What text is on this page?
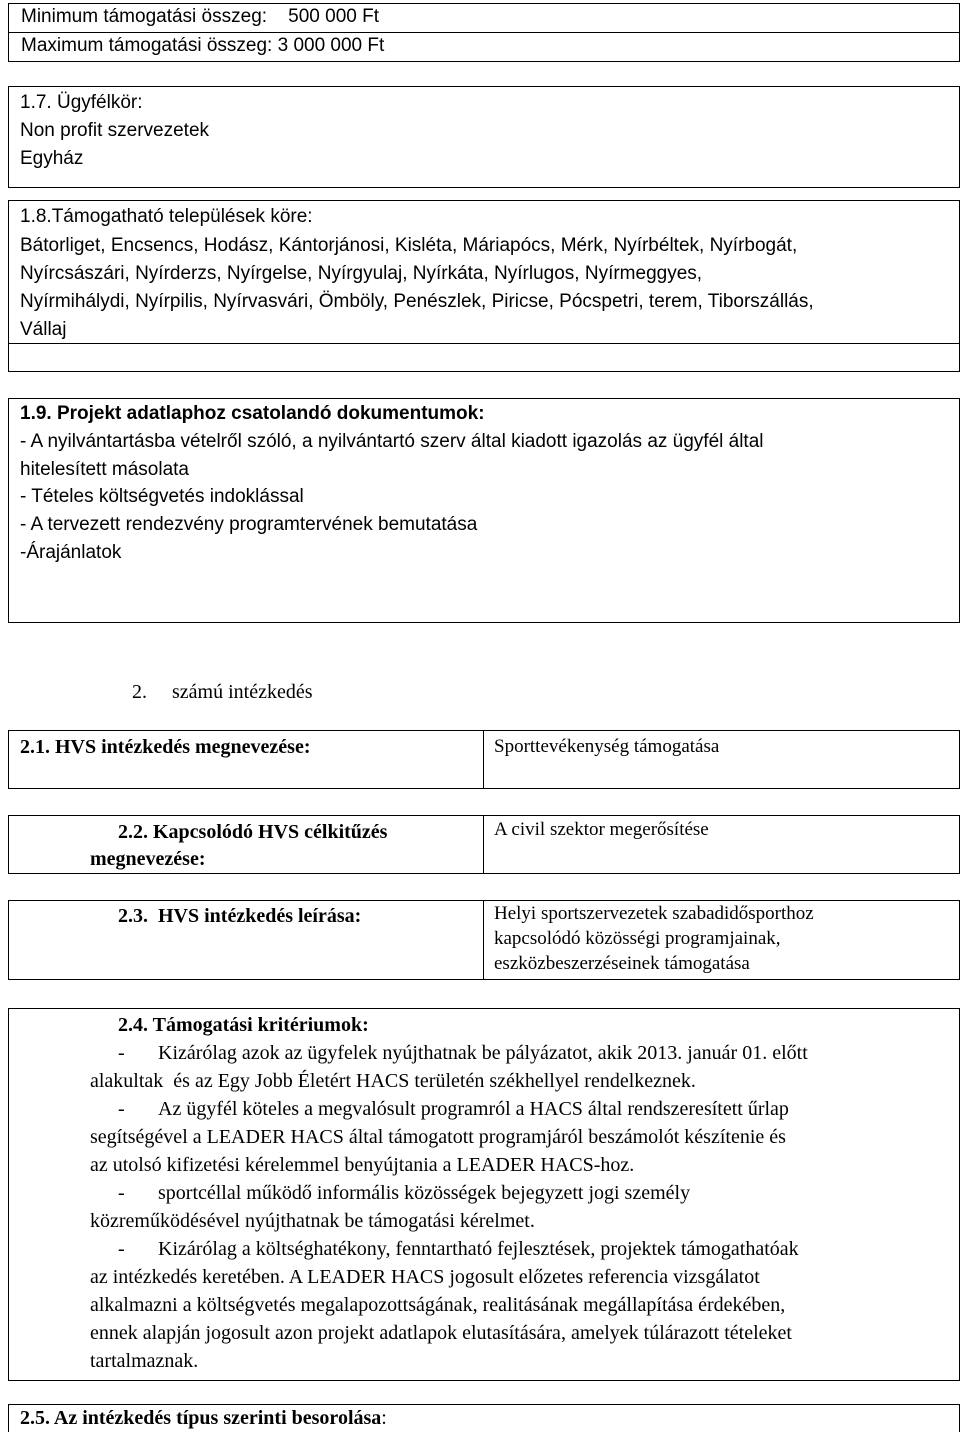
Minimum támogatási összeg:    500 000 Ft
Maximum támogatási összeg: 3 000 000 Ft
1.7. Ügyfélkör:
Non profit szervezetek
Egyház
1.8.Támogatható települések köre:
Bátorliget, Encsencs, Hodász, Kántorjánosi, Kisléta, Máriapócs, Mérk, Nyírbéltek, Nyírbogát,
Nyírcsászári, Nyírderzs, Nyírgelse, Nyírgyulaj, Nyírkáta, Nyírlugos, Nyírmeggyes,
Nyírmihálydi, Nyírpilis, Nyírvasvári, Ömböly, Penészlek, Piricse, Pócspetri, terem, Tiborszállás,
Vállaj
1.9. Projekt adatlaphoz csatolandó dokumentumok:
- A nyilvántartásba vételről szóló, a nyilvántartó szerv által kiadott igazolás az ügyfél által
hitelesített másolata
- Tételes költségvetés indoklással
- A tervezett rendezvény programtervének bemutatása
-Árajánlatok
2. számú intézkedés
2.1. HVS intézkedés megnevezése:	Sporttevékenység támogatása
2.2. Kapcsolódó HVS célkitűzés
megnevezése:
A civil szektor megerősítése
2.3.  HVS intézkedés leírása:	Helyi sportszervezetek szabadidősporthoz
kapcsolódó közösségi programjainak,
eszközbeszerzéseinek támogatása
2.4. Támogatási kritériumok:
- Kizárólag azok az ügyfelek nyújthatnak be pályázatot, akik 2013. január 01. előtt
alakultak  és az Egy Jobb Életért HACS területén székhellyel rendelkeznek.
- Az ügyfél köteles a megvalósult programról a HACS által rendszeresített űrlap
segítségével a LEADER HACS által támogatott programjáról beszámolót készítenie és
az utolsó kifizetési kérelemmel benyújtania a LEADER HACS-hoz.
- sportcéllal működő informális közösségek bejegyzett jogi személy
közreműködésével nyújthatnak be támogatási kérelmet.
- Kizárólag a költséghatékony, fenntartható fejlesztések, projektek támogathatóak
az intézkedés keretében. A LEADER HACS jogosult előzetes referencia vizsgálatot
alkalmazni a költségvetés megalapozottságának, realitásának megállapítása érdekében,
ennek alapján jogosult azon projekt adatlapok elutasítására, amelyek túlárazott tételeket
tartalmaznak.
2.5. Az intézkedés típus szerinti besorolása:
